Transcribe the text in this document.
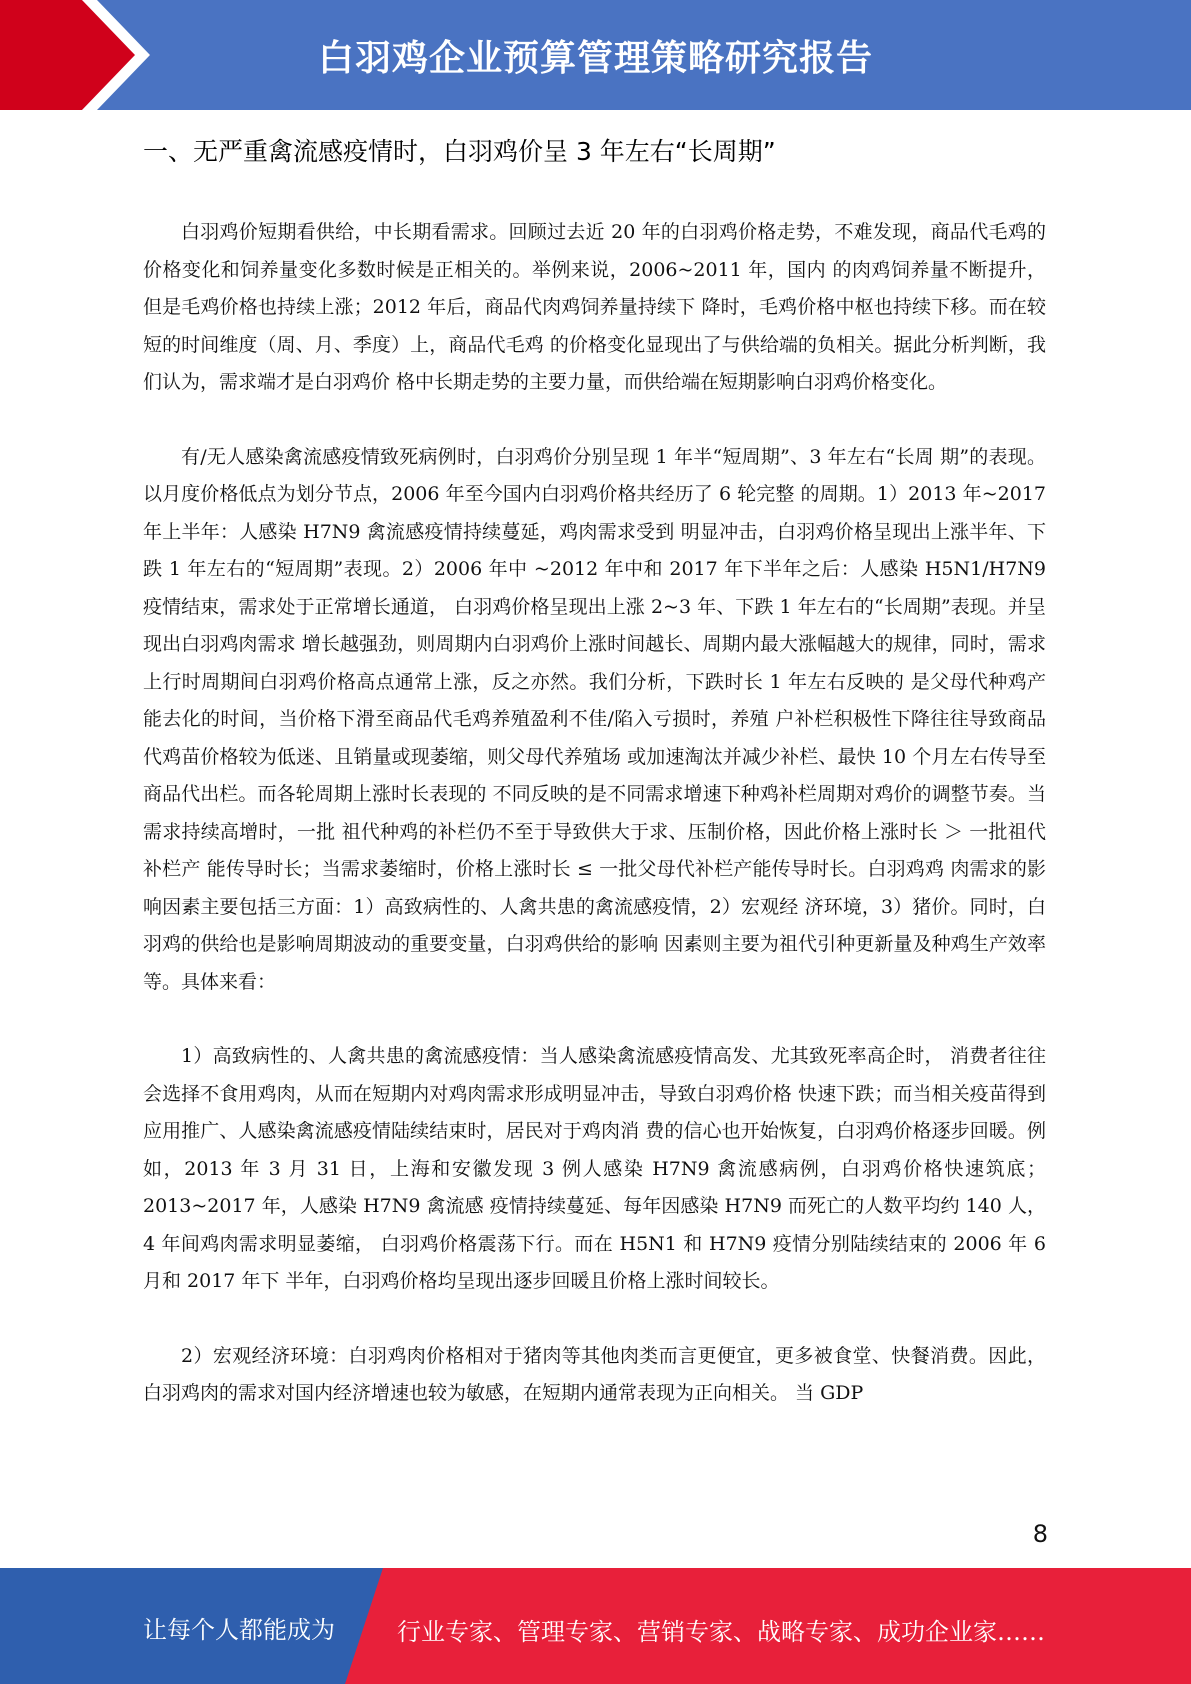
白羽鸡企业预算管理策略研究报告
一、无严重禽流感疫情时，白羽鸡价呈 3 年左右“长周期”

白羽鸡价短期看供给，中长期看需求。回顾过去近 20 年的白羽鸡价格走势，不难发现，商品代毛鸡的价格变化和饲养量变化多数时候是正相关的。举例来说，2006~2011 年，国内 的肉鸡饲养量不断提升，但是毛鸡价格也持续上涨；2012 年后，商品代肉鸡饲养量持续下 降时，毛鸡价格中枢也持续下移。而在较短的时间维度（周、月、季度）上，商品代毛鸡 的价格变化显现出了与供给端的负相关。据此分析判断，我们认为，需求端才是白羽鸡价 格中长期走势的主要力量，而供给端在短期影响白羽鸡价格变化。

有/无人感染禽流感疫情致死病例时，白羽鸡价分别呈现 1 年半“短周期”、3 年左右“长周 期”的表现。以月度价格低点为划分节点，2006 年至今国内白羽鸡价格共经历了 6 轮完整 的周期。1）2013 年~2017 年上半年：人感染 H7N9 禽流感疫情持续蔓延，鸡肉需求受到 明显冲击，白羽鸡价格呈现出上涨半年、下跌 1 年左右的“短周期”表现。2）2006 年中 ~2012 年中和 2017 年下半年之后：人感染 H5N1/H7N9 疫情结束，需求处于正常增长通道， 白羽鸡价格呈现出上涨 2~3 年、下跌 1 年左右的“长周期”表现。并呈现出白羽鸡肉需求 增长越强劲，则周期内白羽鸡价上涨时间越长、周期内最大涨幅越大的规律，同时，需求 上行时周期间白羽鸡价格高点通常上涨，反之亦然。我们分析，下跌时长 1 年左右反映的 是父母代种鸡产能去化的时间，当价格下滑至商品代毛鸡养殖盈利不佳/陷入亏损时，养殖 户补栏积极性下降往往导致商品代鸡苗价格较为低迷、且销量或现萎缩，则父母代养殖场 或加速淘汰并减少补栏、最快 10 个月左右传导至商品代出栏。而各轮周期上涨时长表现的 不同反映的是不同需求增速下种鸡补栏周期对鸡价的调整节奏。当需求持续高增时，一批 祖代种鸡的补栏仍不至于导致供大于求、压制价格，因此价格上涨时长 ＞ 一批祖代补栏产 能传导时长；当需求萎缩时，价格上涨时长 ≤ 一批父母代补栏产能传导时长。白羽鸡鸡 肉需求的影响因素主要包括三方面：1）高致病性的、人禽共患的禽流感疫情，2）宏观经 济环境，3）猪价。同时，白羽鸡的供给也是影响周期波动的重要变量，白羽鸡供给的影响 因素则主要为祖代引种更新量及种鸡生产效率等。具体来看：

1）高致病性的、人禽共患的禽流感疫情：当人感染禽流感疫情高发、尤其致死率高企时， 消费者往往会选择不食用鸡肉，从而在短期内对鸡肉需求形成明显冲击，导致白羽鸡价格 快速下跌；而当相关疫苗得到应用推广、人感染禽流感疫情陆续结束时，居民对于鸡肉消 费的信心也开始恢复，白羽鸡价格逐步回暖。例如，2013 年 3 月 31 日，上海和安徽发现 3 例人感染 H7N9 禽流感病例，白羽鸡价格快速筑底；2013~2017 年，人感染 H7N9 禽流感 疫情持续蔓延、每年因感染 H7N9 而死亡的人数平均约 140 人，4 年间鸡肉需求明显萎缩， 白羽鸡价格震荡下行。而在 H5N1 和 H7N9 疫情分别陆续结束的 2006 年 6 月和 2017 年下 半年，白羽鸡价格均呈现出逐步回暖且价格上涨时间较长。

2）宏观经济环境：白羽鸡肉价格相对于猪肉等其他肉类而言更便宜，更多被食堂、快餐消费。因此，白羽鸡肉的需求对国内经济增速也较为敏感，在短期内通常表现为正向相关。 当 GDP

8
让每个人都能成为	行业专家、管理专家、营销专家、战略专家、成功企业家……
